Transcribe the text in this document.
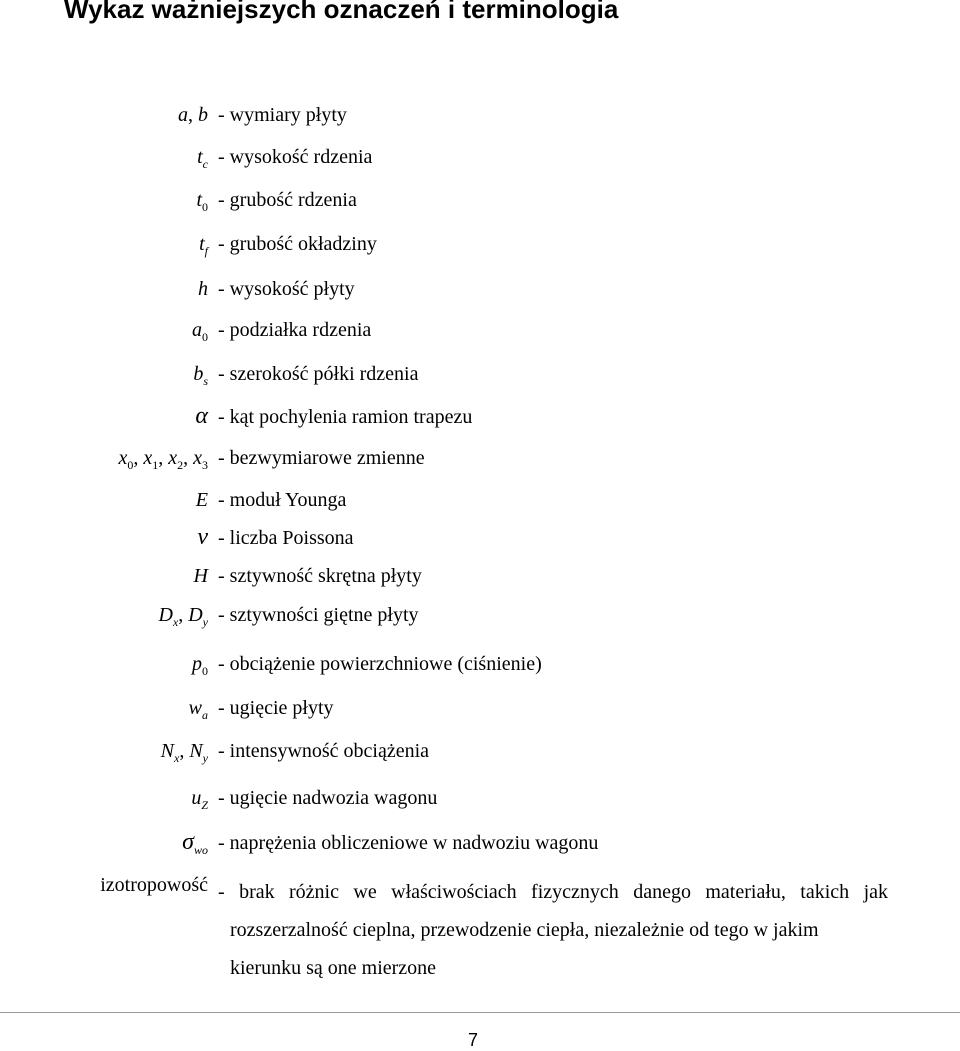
Wykaz ważniejszych oznaczeń i terminologia
a, b
$t_c$
$t_0$
$t_f$
h
$a_0$
$b_s$
α
$x_0$, $x_1$, $x_2$, $x_3$
E
ν
H
$D_x$, $D_y$
$p_0$
$w_a$
$N_x$, $N_y$
$u_Z$
$\sigma_{wo}$
- wymiary płyty
- wysokość rdzenia
- grubość rdzenia
- grubość okładziny
- wysokość płyty
- podziałka rdzenia
- szerokość półki rdzenia
- kąt pochylenia ramion trapezu
- bezwymiarowe zmienne
- moduł Younga
- liczba Poissona
- sztywność skrętna płyty
- sztywności giętne płyty
- obciążenie powierzchniowe (ciśnienie)
- ugięcie płyty
- intensywność obciążenia
- ugięcie nadwozia wagonu
- naprężenia obliczeniowe w nadwoziu wagonu
izotropowość - brak różnic we właściwościach fizycznych danego materiału, takich jak
rozszerzalność cieplna, przewodzenie ciepła, niezależnie od tego w jakim
kierunku są one mierzone
7
